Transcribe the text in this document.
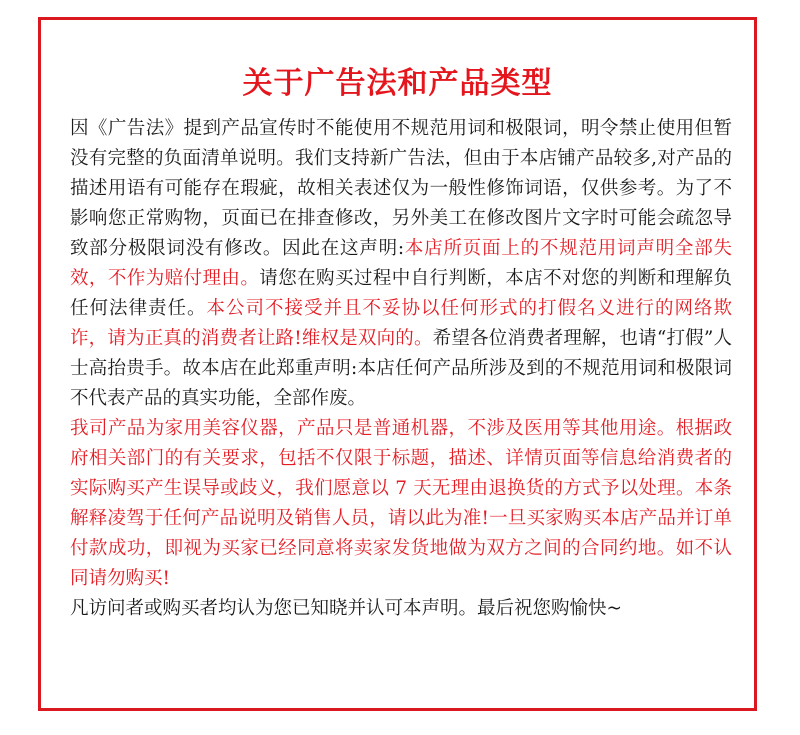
关于广告法和产品类型

因《广告法》提到产品宣传时不能使用不规范用词和极限词，明令禁止使用但暂没有完整的负面清单说明。我们支持新广告法，但由于本店铺产品较多,对产品的描述用语有可能存在瑕疵，故相关表述仅为一般性修饰词语，仅供参考。为了不影响您正常购物，页面已在排查修改，另外美工在修改图片文字时可能会疏忽导致部分极限词没有修改。因此在这声明:本店所页面上的不规范用词声明全部失效，不作为赔付理由。请您在购买过程中自行判断，本店不对您的判断和理解负任何法律责任。本公司不接受并且不妥协以任何形式的打假名义进行的网络欺诈，请为正真的消费者让路!维权是双向的。希望各位消费者理解，也请“打假”人士高抬贵手。故本店在此郑重声明:本店任何产品所涉及到的不规范用词和极限词不代表产品的真实功能，全部作废。

我司产品为家用美容仪器，产品只是普通机器，不涉及医用等其他用途。根据政府相关部门的有关要求，包括不仅限于标题，描述、详情页面等信息给消费者的实际购买产生误导或歧义，我们愿意以 7 天无理由退换货的方式予以处理。本条解释凌驾于任何产品说明及销售人员，请以此为准!一旦买家购买本店产品并订单付款成功，即视为买家已经同意将卖家发货地做为双方之间的合同约地。如不认同请勿购买!

凡访问者或购买者均认为您已知晓并认可本声明。最后祝您购愉快~
